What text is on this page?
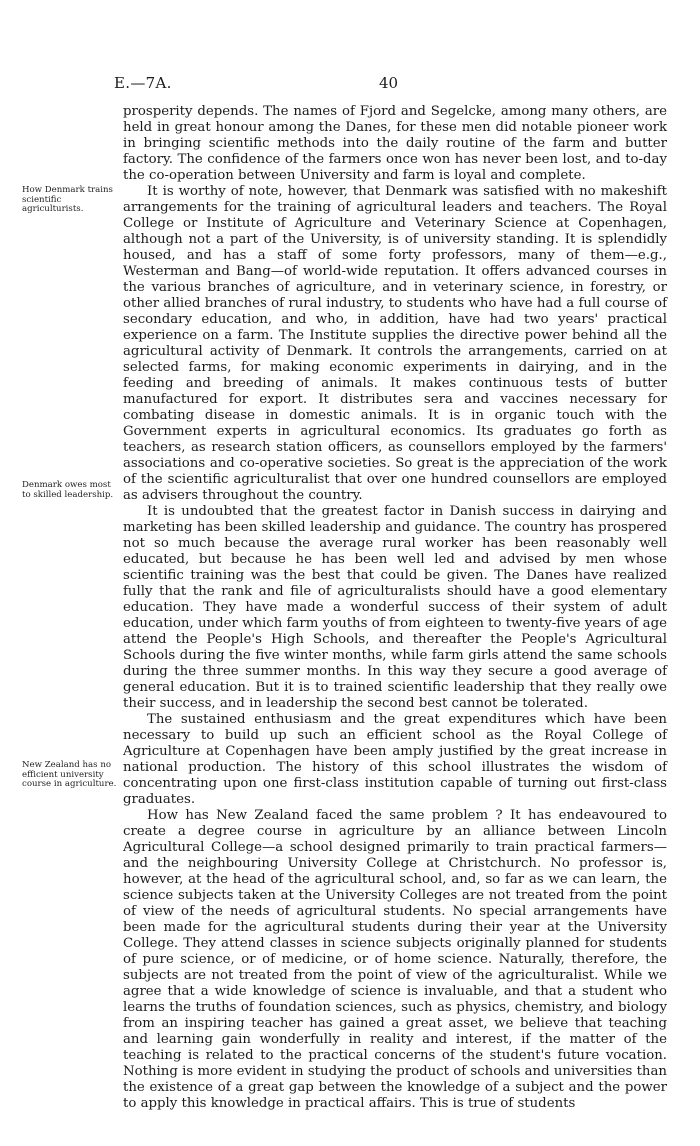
E.—7A.	40
How Denmark trains scientific agriculturists.
Denmark owes most to skilled leadership.
New Zealand has no efficient university course in agriculture.

prosperity depends. The names of Fjord and Segelcke, among many others, are held in great honour among the Danes, for these men did notable pioneer work in bringing scientific methods into the daily routine of the farm and butter factory. The confidence of the farmers once won has never been lost, and to-day the co-operation between University and farm is loyal and complete.

It is worthy of note, however, that Denmark was satisfied with no makeshift arrangements for the training of agricultural leaders and teachers. The Royal College or Institute of Agriculture and Veterinary Science at Copenhagen, although not a part of the University, is of university standing. It is splendidly housed, and has a staff of some forty professors, many of them—e.g., Westerman and Bang—of world-wide reputation. It offers advanced courses in the various branches of agriculture, and in veterinary science, in forestry, or other allied branches of rural industry, to students who have had a full course of secondary education, and who, in addition, have had two years' practical experience on a farm. The Institute supplies the directive power behind all the agricultural activity of Denmark. It controls the arrangements, carried on at selected farms, for making economic experiments in dairying, and in the feeding and breeding of animals. It makes continuous tests of butter manufactured for export. It distributes sera and vaccines necessary for combating disease in domestic animals. It is in organic touch with the Government experts in agricultural economics. Its graduates go forth as teachers, as research station officers, as counsellors employed by the farmers' associations and co-operative societies. So great is the appreciation of the work of the scientific agriculturalist that over one hundred counsellors are employed as advisers throughout the country.

It is undoubted that the greatest factor in Danish success in dairying and marketing has been skilled leadership and guidance. The country has prospered not so much because the average rural worker has been reasonably well educated, but because he has been well led and advised by men whose scientific training was the best that could be given. The Danes have realized fully that the rank and file of agriculturalists should have a good elementary education. They have made a wonderful success of their system of adult education, under which farm youths of from eighteen to twenty-five years of age attend the People's High Schools, and thereafter the People's Agricultural Schools during the five winter months, while farm girls attend the same schools during the three summer months. In this way they secure a good average of general education. But it is to trained scientific leadership that they really owe their success, and in leadership the second best cannot be tolerated.

The sustained enthusiasm and the great expenditures which have been necessary to build up such an efficient school as the Royal College of Agriculture at Copenhagen have been amply justified by the great increase in national production. The history of this school illustrates the wisdom of concentrating upon one first-class institution capable of turning out first-class graduates.

How has New Zealand faced the same problem ? It has endeavoured to create a degree course in agriculture by an alliance between Lincoln Agricultural College—a school designed primarily to train practical farmers—and the neighbouring University College at Christchurch. No professor is, however, at the head of the agricultural school, and, so far as we can learn, the science subjects taken at the University Colleges are not treated from the point of view of the needs of agricultural students. No special arrangements have been made for the agricultural students during their year at the University College. They attend classes in science subjects originally planned for students of pure science, or of medicine, or of home science. Naturally, therefore, the subjects are not treated from the point of view of the agriculturalist. While we agree that a wide knowledge of science is invaluable, and that a student who learns the truths of foundation sciences, such as physics, chemistry, and biology from an inspiring teacher has gained a great asset, we believe that teaching and learning gain wonderfully in reality and interest, if the matter of the teaching is related to the practical concerns of the student's future vocation. Nothing is more evident in studying the product of schools and universities than the existence of a great gap between the knowledge of a subject and the power to apply this knowledge in practical affairs. This is true of students
